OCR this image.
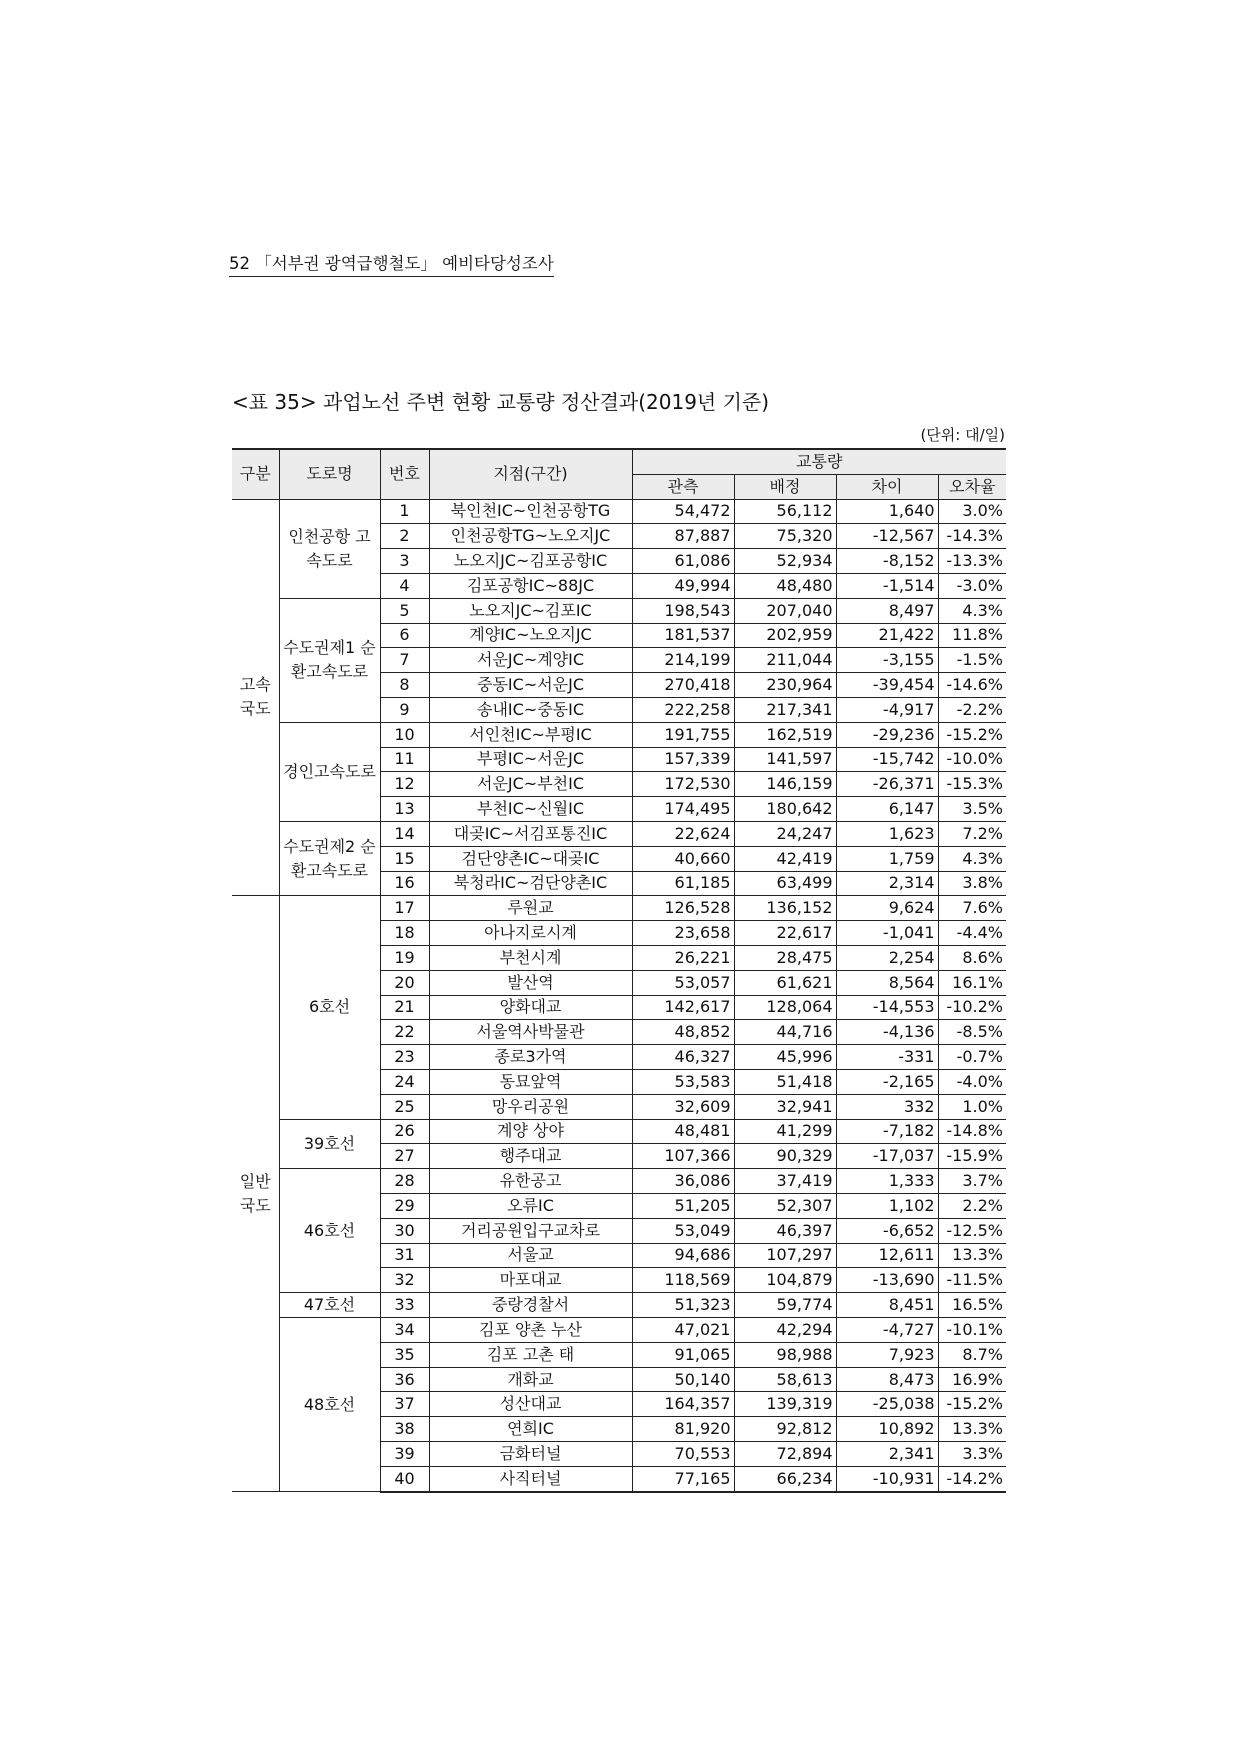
52 「서부권 광역급행철도」 예비타당성조사
<표 35> 과업노선 주변 현황 교통량 정산결과(2019년 기준)
(단위: 대/일)
구분	도로명	번호	지점(구간)	교통량			
				관측	배정	차이	오차율
고속 국도	인천공항 고속도로	1	북인천IC~인천공항TG	54,472	56,112	1,640	3.0%
		2	인천공항TG~노오지JC	87,887	75,320	-12,567	-14.3%
		3	노오지JC~김포공항IC	61,086	52,934	-8,152	-13.3%
		4	김포공항IC~88JC	49,994	48,480	-1,514	-3.0%
	수도권제1 순환고속도로	5	노오지JC~김포IC	198,543	207,040	8,497	4.3%
		6	계양IC~노오지JC	181,537	202,959	21,422	11.8%
		7	서운JC~계양IC	214,199	211,044	-3,155	-1.5%
		8	중동IC~서운JC	270,418	230,964	-39,454	-14.6%
		9	송내IC~중동IC	222,258	217,341	-4,917	-2.2%
	경인고속도로	10	서인천IC~부평IC	191,755	162,519	-29,236	-15.2%
		11	부평IC~서운JC	157,339	141,597	-15,742	-10.0%
		12	서운JC~부천IC	172,530	146,159	-26,371	-15.3%
		13	부천IC~신월IC	174,495	180,642	6,147	3.5%
	수도권제2 순환고속도로	14	대곶IC~서김포통진IC	22,624	24,247	1,623	7.2%
		15	검단양촌IC~대곶IC	40,660	42,419	1,759	4.3%
		16	북청라IC~검단양촌IC	61,185	63,499	2,314	3.8%
일반 국도	6호선	17	루원교	126,528	136,152	9,624	7.6%
		18	아나지로시계	23,658	22,617	-1,041	-4.4%
		19	부천시계	26,221	28,475	2,254	8.6%
		20	발산역	53,057	61,621	8,564	16.1%
		21	양화대교	142,617	128,064	-14,553	-10.2%
		22	서울역사박물관	48,852	44,716	-4,136	-8.5%
		23	종로3가역	46,327	45,996	-331	-0.7%
		24	동묘앞역	53,583	51,418	-2,165	-4.0%
		25	망우리공원	32,609	32,941	332	1.0%
	39호선	26	계양 상야	48,481	41,299	-7,182	-14.8%
		27	행주대교	107,366	90,329	-17,037	-15.9%
	46호선	28	유한공고	36,086	37,419	1,333	3.7%
		29	오류IC	51,205	52,307	1,102	2.2%
		30	거리공원입구교차로	53,049	46,397	-6,652	-12.5%
		31	서울교	94,686	107,297	12,611	13.3%
		32	마포대교	118,569	104,879	-13,690	-11.5%
	47호선	33	중랑경찰서	51,323	59,774	8,451	16.5%
	48호선	34	김포 양촌 누산	47,021	42,294	-4,727	-10.1%
		35	김포 고촌 태	91,065	98,988	7,923	8.7%
		36	개화교	50,140	58,613	8,473	16.9%
		37	성산대교	164,357	139,319	-25,038	-15.2%
		38	연희IC	81,920	92,812	10,892	13.3%
		39	금화터널	70,553	72,894	2,341	3.3%
		40	사직터널	77,165	66,234	-10,931	-14.2%
